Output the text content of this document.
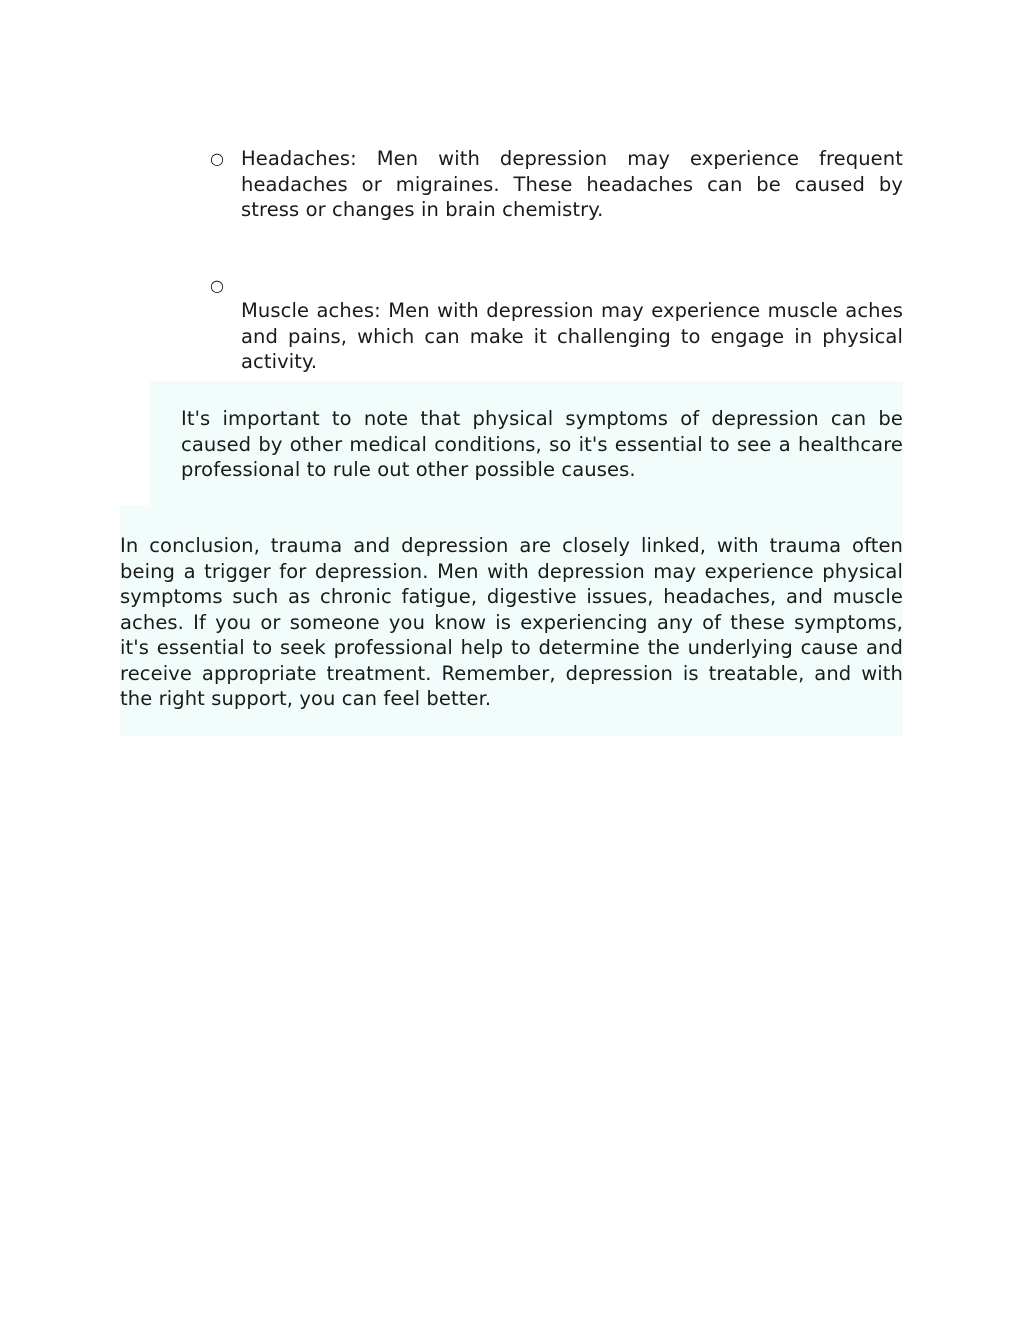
○ Headaches: Men with depression may experience frequent headaches or migraines. These headaches can be caused by stress or changes in brain chemistry.

○

Muscle aches: Men with depression may experience muscle aches and pains, which can make it challenging to engage in physical activity.

It's important to note that physical symptoms of depression can be caused by other medical conditions, so it's essential to see a healthcare professional to rule out other possible causes.

In conclusion, trauma and depression are closely linked, with trauma often being a trigger for depression. Men with depression may experience physical symptoms such as chronic fatigue, digestive issues, headaches, and muscle aches. If you or someone you know is experiencing any of these symptoms, it's essential to seek professional help to determine the underlying cause and receive appropriate treatment. Remember, depression is treatable, and with the right support, you can feel better.
